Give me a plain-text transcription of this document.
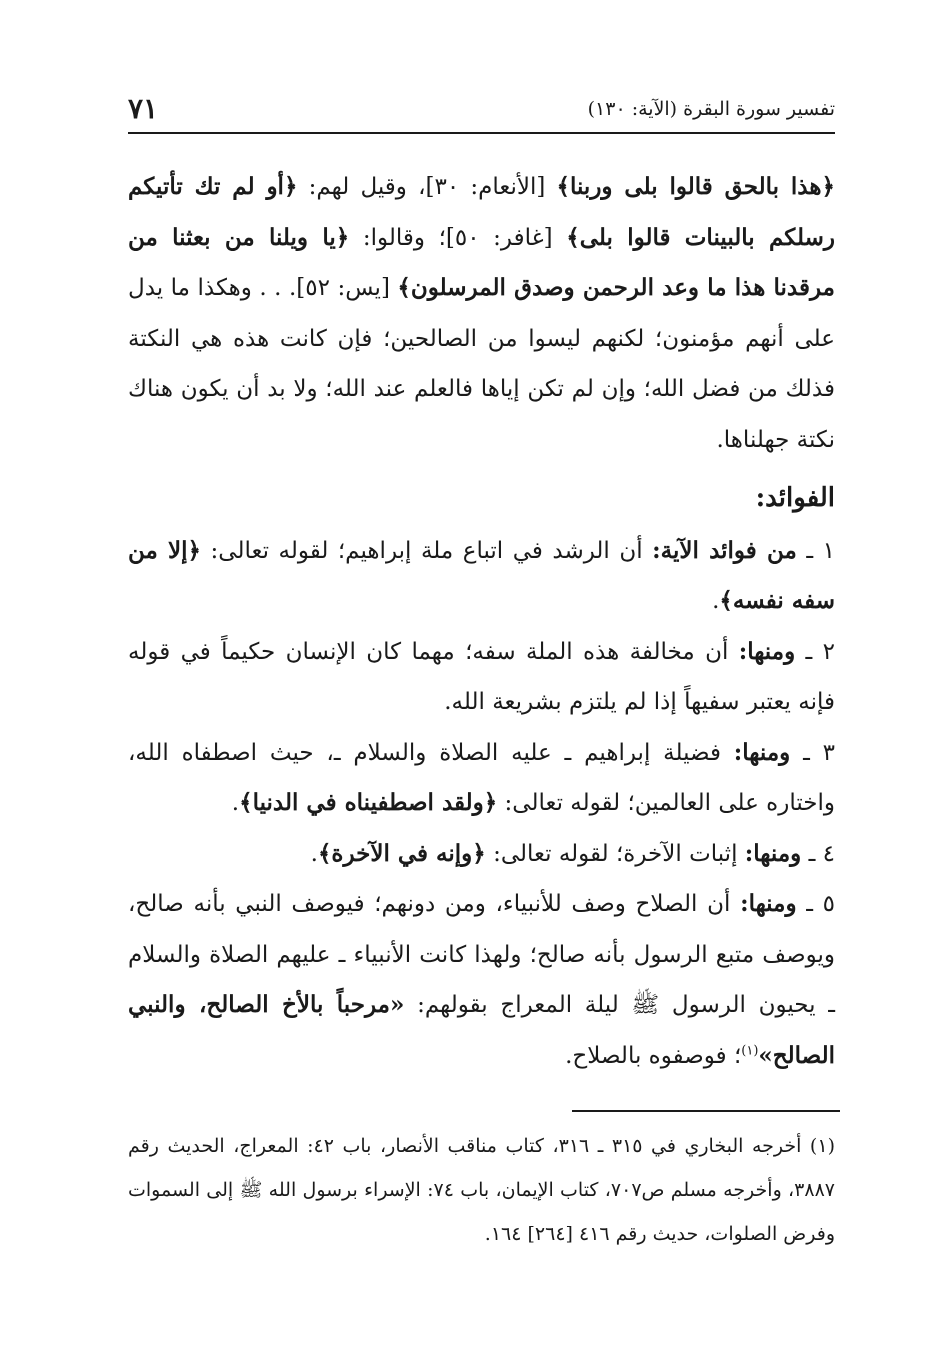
تفسير سورة البقرة (الآية: ١٣٠)
٧١

﴿هذا بالحق قالوا بلى وربنا﴾ [الأنعام: ٣٠]، وقيل لهم: ﴿أو لم تك تأتيكم رسلكم بالبينات قالوا بلى﴾ [غافر: ٥٠]؛ وقالوا: ﴿يا ويلنا من بعثنا من مرقدنا هذا ما وعد الرحمن وصدق المرسلون﴾ [يس: ٥٢]. . . وهكذا ما يدل على أنهم مؤمنون؛ لكنهم ليسوا من الصالحين؛ فإن كانت هذه هي النكتة فذلك من فضل الله؛ وإن لم تكن إياها فالعلم عند الله؛ ولا بد أن يكون هناك نكتة جهلناها.

الفوائد:

١ ـ من فوائد الآية: أن الرشد في اتباع ملة إبراهيم؛ لقوله تعالى: ﴿إلا من سفه نفسه﴾.

٢ ـ ومنها: أن مخالفة هذه الملة سفه؛ مهما كان الإنسان حكيماً في قوله فإنه يعتبر سفيهاً إذا لم يلتزم بشريعة الله.

٣ ـ ومنها: فضيلة إبراهيم ـ عليه الصلاة والسلام ـ، حيث اصطفاه الله، واختاره على العالمين؛ لقوله تعالى: ﴿ولقد اصطفيناه في الدنيا﴾.

٤ ـ ومنها: إثبات الآخرة؛ لقوله تعالى: ﴿وإنه في الآخرة﴾.

٥ ـ ومنها: أن الصلاح وصف للأنبياء، ومن دونهم؛ فيوصف النبي بأنه صالح، ويوصف متبع الرسول بأنه صالح؛ ولهذا كانت الأنبياء ـ عليهم الصلاة والسلام ـ يحيون الرسول ﷺ ليلة المعراج بقولهم: «مرحباً بالأخ الصالح، والنبي الصالح»$^{(١)}$؛ فوصفوه بالصلاح.

(١) أخرجه البخاري في ٣١٥ ـ ٣١٦، كتاب مناقب الأنصار، باب ٤٢: المعراج، الحديث رقم ٣٨٨٧، وأخرجه مسلم ص٧٠٧، كتاب الإيمان، باب ٧٤: الإسراء برسول الله ﷺ إلى السموات وفرض الصلوات، حديث رقم ٤١٦ [٢٦٤] ١٦٤.
